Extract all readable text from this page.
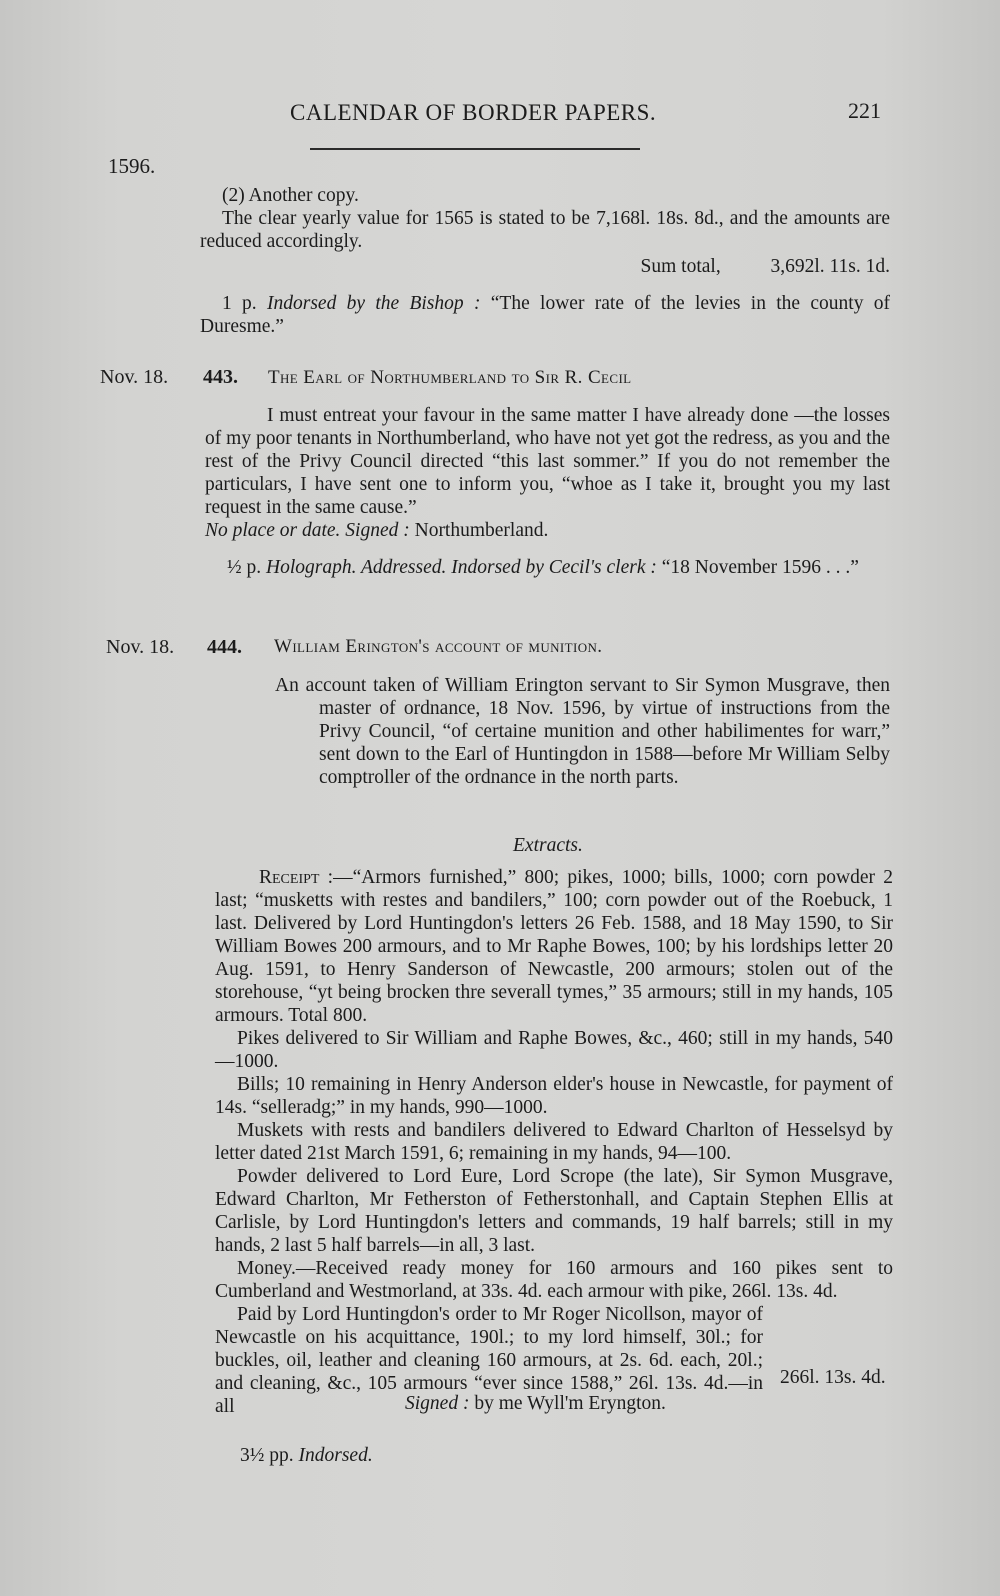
CALENDAR OF BORDER PAPERS.	221
1596.

(2) Another copy.

The clear yearly value for 1565 is stated to be 7,168l. 18s. 8d., and the amounts are reduced accordingly.

Sum total,	3,692l. 11s. 1d.

1 p. Indorsed by the Bishop : “The lower rate of the levies in the county of Duresme.”

Nov. 18. 443. The Earl of Northumberland to Sir R. Cecil

I must entreat your favour in the same matter I have already done —the losses of my poor tenants in Northumberland, who have not yet got the redress, as you and the rest of the Privy Council directed “this last sommer.” If you do not remember the particulars, I have sent one to inform you, “whoe as I take it, brought you my last request in the same cause.”

No place or date. Signed : Northumberland.

½ p. Holograph. Addressed. Indorsed by Cecil's clerk : “18 November 1596 . . .”

Nov. 18. 444. William Erington's account of munition.

An account taken of William Erington servant to Sir Symon Musgrave, then master of ordnance, 18 Nov. 1596, by virtue of instructions from the Privy Council, “of certaine munition and other habilimentes for warr,” sent down to the Earl of Huntingdon in 1588—before Mr William Selby comptroller of the ordnance in the north parts.

Extracts.

Receipt :—“Armors furnished,” 800; pikes, 1000; bills, 1000; corn powder 2 last; “musketts with restes and bandilers,” 100; corn powder out of the Roebuck, 1 last. Delivered by Lord Huntingdon's letters 26 Feb. 1588, and 18 May 1590, to Sir William Bowes 200 armours, and to Mr Raphe Bowes, 100; by his lordships letter 20 Aug. 1591, to Henry Sanderson of Newcastle, 200 armours; stolen out of the storehouse, “yt being brocken thre severall tymes,” 35 armours; still in my hands, 105 armours. Total 800.

Pikes delivered to Sir William and Raphe Bowes, &c., 460; still in my hands, 540—1000.

Bills; 10 remaining in Henry Anderson elder's house in Newcastle, for payment of 14s. “selleradg;” in my hands, 990—1000.

Muskets with rests and bandilers delivered to Edward Charlton of Hesselsyd by letter dated 21st March 1591, 6; remaining in my hands, 94—100.

Powder delivered to Lord Eure, Lord Scrope (the late), Sir Symon Musgrave, Edward Charlton, Mr Fetherston of Fetherstonhall, and Captain Stephen Ellis at Carlisle, by Lord Huntingdon's letters and commands, 19 half barrels; still in my hands, 2 last 5 half barrels—in all, 3 last.

Money.—Received ready money for 160 armours and 160 pikes sent to Cumberland and Westmorland, at 33s. 4d. each armour with pike, 266l. 13s. 4d.

Paid by Lord Huntingdon's order to Mr Roger Nicollson, mayor of Newcastle on his acquittance, 190l.; to my lord himself, 30l.; for buckles, oil, leather and cleaning 160 armours, at 2s. 6d. each, 20l.; and cleaning, &c., 105 armours “ever since 1588,” 26l. 13s. 4d.—in all

266l. 13s. 4d.
Signed : by me Wyll'm Eryngton.
3½ pp. Indorsed.
